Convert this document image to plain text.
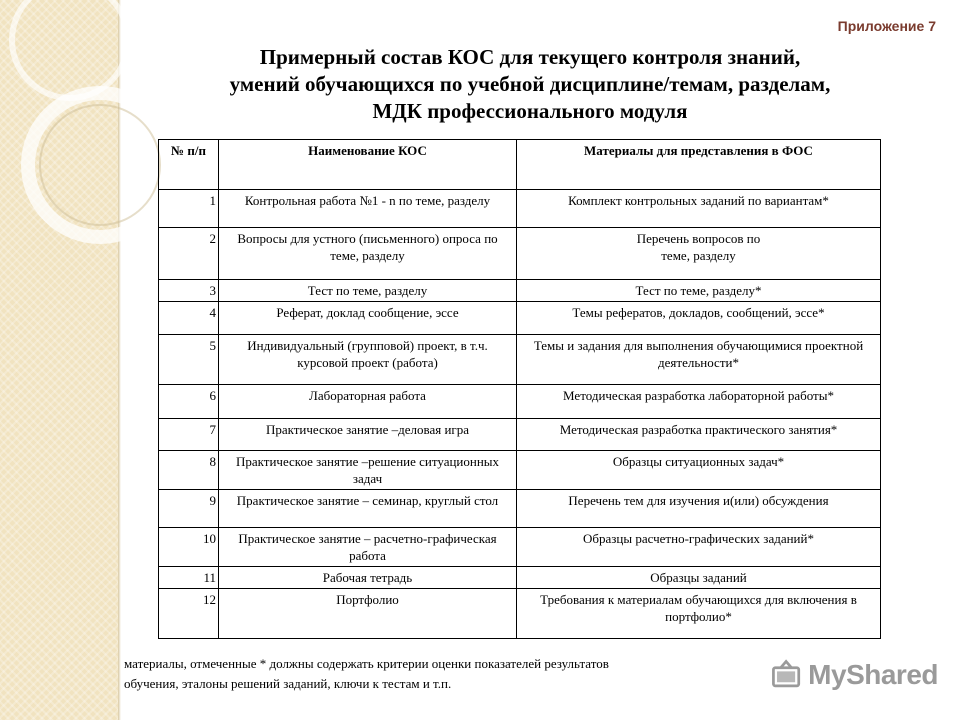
Приложение 7
Примерный состав КОС для текущего контроля знаний,
умений обучающихся по учебной дисциплине/темам, разделам,
МДК профессионального модуля
№ п/п	Наименование КОС	Материалы для представления в ФОС
1	Контрольная работа №1 - n по теме, разделу	Комплект контрольных заданий по вариантам*
2	Вопросы для устного (письменного) опроса по теме, разделу	Перечень вопросов по теме, разделу
3	Тест по теме, разделу	Тест по теме, разделу*
4	Реферат, доклад сообщение, эссе	Темы рефератов, докладов, сообщений, эссе*
5	Индивидуальный (групповой) проект, в т.ч. курсовой проект (работа)	Темы и задания для выполнения обучающимися проектной деятельности*
6	Лабораторная работа	Методическая разработка лабораторной работы*
7	Практическое занятие –деловая игра	Методическая разработка практического занятия*
8	Практическое занятие –решение ситуационных задач	Образцы ситуационных задач*
9	Практическое занятие – семинар, круглый стол	Перечень тем для изучения и(или) обсуждения
10	Практическое занятие – расчетно-графическая работа	Образцы расчетно-графических заданий*
11	Рабочая тетрадь	Образцы заданий
12	Портфолио	Требования к материалам обучающихся для включения в портфолио*
материалы, отмеченные * должны содержать критерии оценки показателей результатов
обучения, эталоны решений заданий, ключи к тестам и т.п.	MyShared
